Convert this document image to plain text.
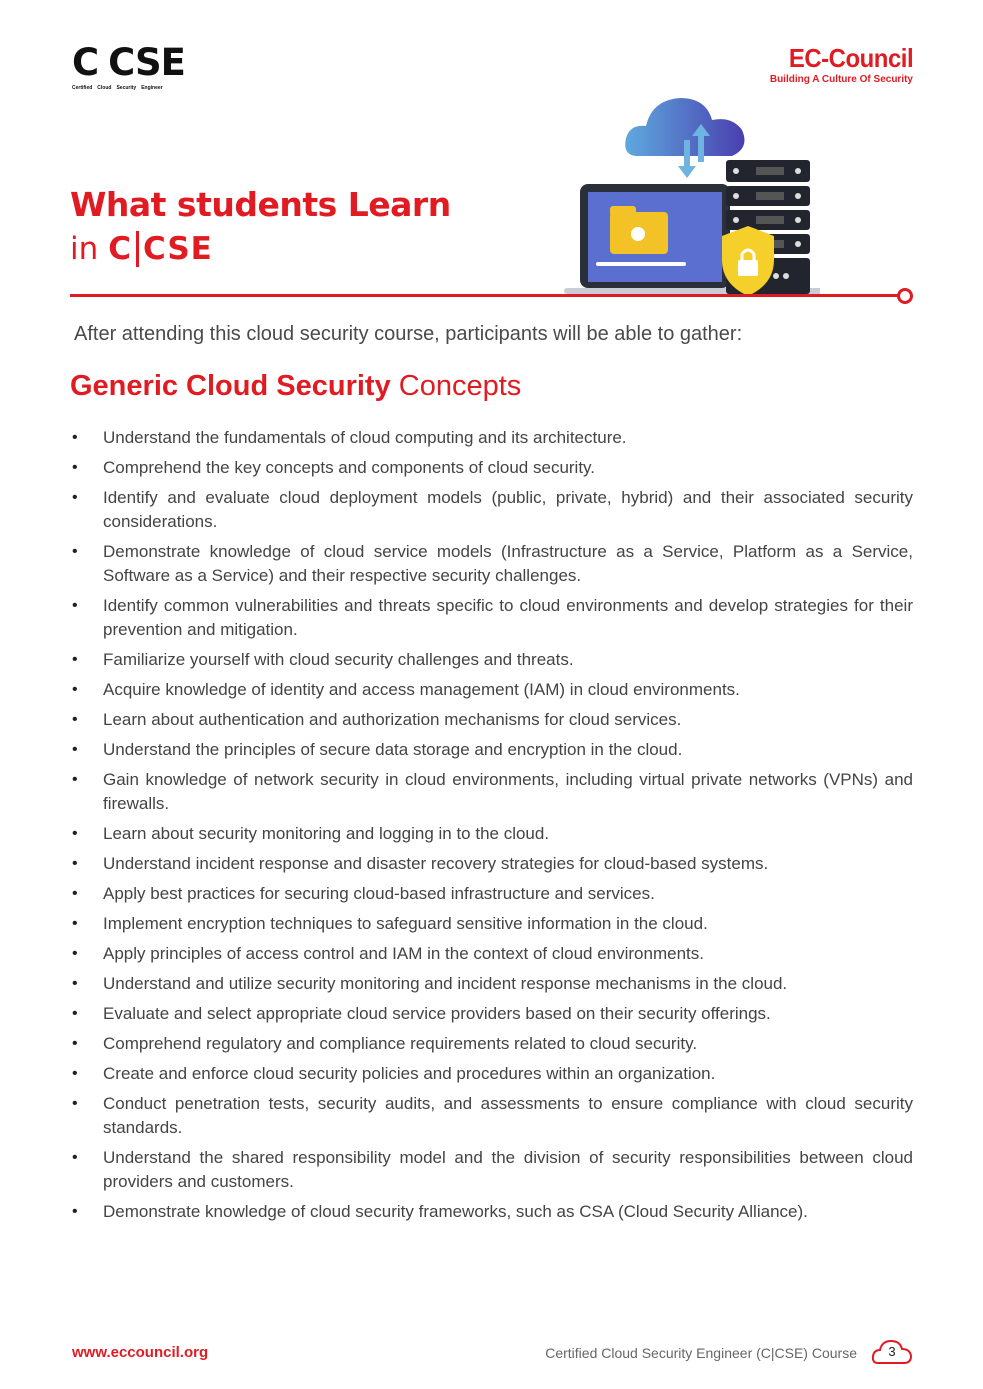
C CSE
Certified Cloud Security Engineer
EC-Council
Building A Culture Of Security
What students Learn
in C CSE
After attending this cloud security course, participants will be able to gather:
Generic Cloud Security Concepts
• Understand the fundamentals of cloud computing and its architecture.
• Comprehend the key concepts and components of cloud security.
• Identify and evaluate cloud deployment models (public, private, hybrid) and their associated security considerations.
• Demonstrate knowledge of cloud service models (Infrastructure as a Service, Platform as a Service, Software as a Service) and their respective security challenges.
• Identify common vulnerabilities and threats specific to cloud environments and develop strategies for their prevention and mitigation.
• Familiarize yourself with cloud security challenges and threats.
• Acquire knowledge of identity and access management (IAM) in cloud environments.
• Learn about authentication and authorization mechanisms for cloud services.
• Understand the principles of secure data storage and encryption in the cloud.
• Gain knowledge of network security in cloud environments, including virtual private networks (VPNs) and firewalls.
• Learn about security monitoring and logging in to the cloud.
• Understand incident response and disaster recovery strategies for cloud-based systems.
• Apply best practices for securing cloud-based infrastructure and services.
• Implement encryption techniques to safeguard sensitive information in the cloud.
• Apply principles of access control and IAM in the context of cloud environments.
• Understand and utilize security monitoring and incident response mechanisms in the cloud.
• Evaluate and select appropriate cloud service providers based on their security offerings.
• Comprehend regulatory and compliance requirements related to cloud security.
• Create and enforce cloud security policies and procedures within an organization.
• Conduct penetration tests, security audits, and assessments to ensure compliance with cloud security standards.
• Understand the shared responsibility model and the division of security responsibilities between cloud providers and customers.
• Demonstrate knowledge of cloud security frameworks, such as CSA (Cloud Security Alliance).
www.eccouncil.org	Certified Cloud Security Engineer (C|CSE) Course	3
